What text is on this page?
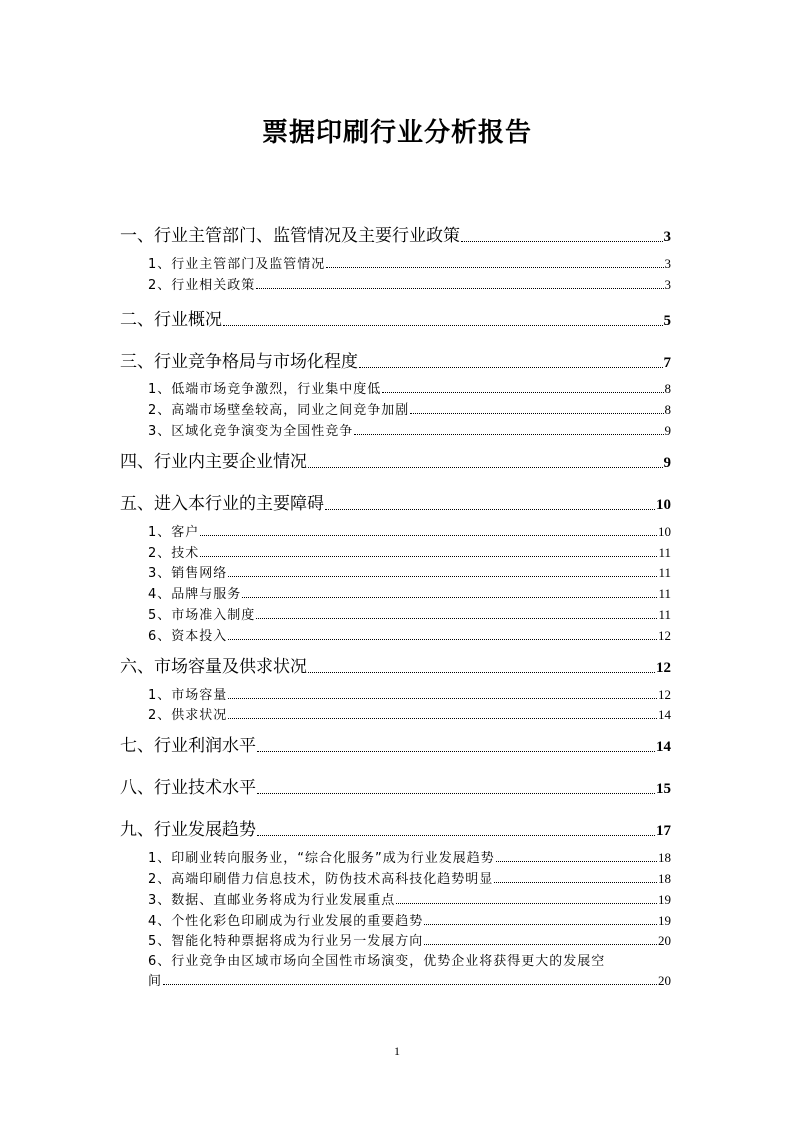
票据印刷行业分析报告
一、行业主管部门、监管情况及主要行业政策	3
1、行业主管部门及监管情况	3
2、行业相关政策	3
二、行业概况	5
三、行业竞争格局与市场化程度	7
1、低端市场竞争激烈，行业集中度低	8
2、高端市场壁垒较高，同业之间竞争加剧	8
3、区域化竞争演变为全国性竞争	9
四、行业内主要企业情况	9
五、进入本行业的主要障碍	10
1、客户	10
2、技术	11
3、销售网络	11
4、品牌与服务	11
5、市场准入制度	11
6、资本投入	12
六、市场容量及供求状况	12
1、市场容量	12
2、供求状况	14
七、行业利润水平	14
八、行业技术水平	15
九、行业发展趋势	17
1、印刷业转向服务业，“综合化服务”成为行业发展趋势	18
2、高端印刷借力信息技术，防伪技术高科技化趋势明显	18
3、数据、直邮业务将成为行业发展重点	19
4、个性化彩色印刷成为行业发展的重要趋势	19
5、智能化特种票据将成为行业另一发展方向	20
6、行业竞争由区域市场向全国性市场演变，优势企业将获得更大的发展空
间	20
1
